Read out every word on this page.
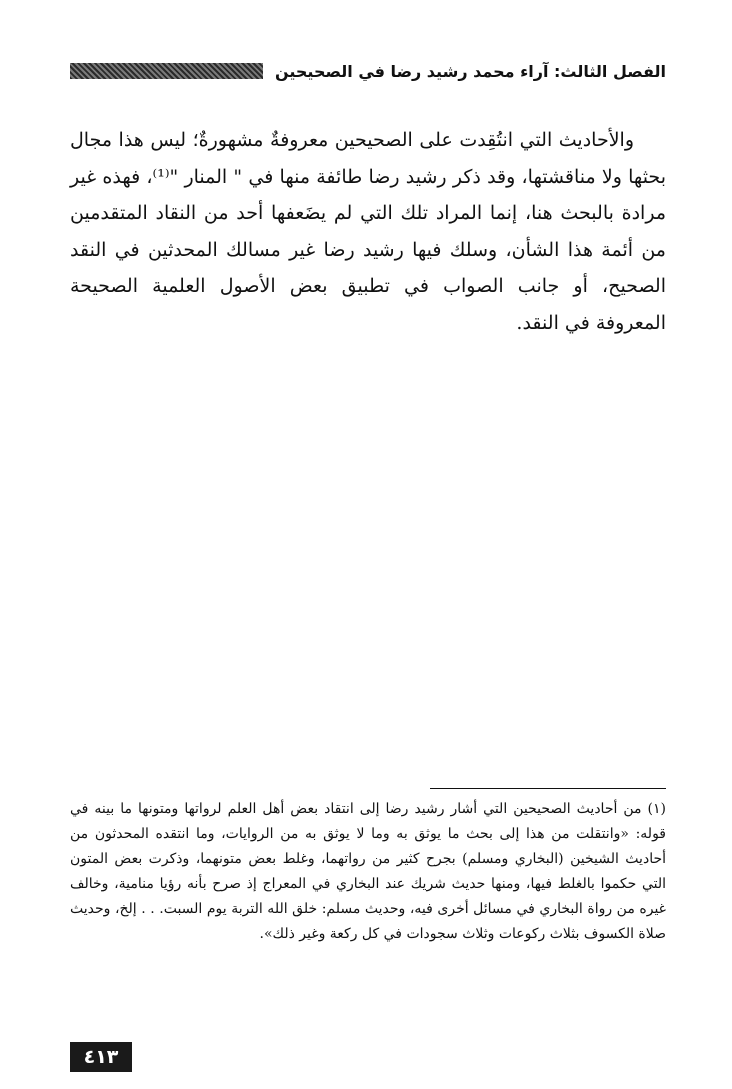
الفصل الثالث: آراء محمد رشيد رضا في الصحيحين

والأحاديث التي انتُقِدت على الصحيحين معروفةٌ مشهورةٌ؛ ليس هذا مجال بحثها ولا مناقشتها، وقد ذكر رشيد رضا طائفة منها في " المنار "⁽¹⁾، فهذه غير مرادة بالبحث هنا، إنما المراد تلك التي لم يضَعفها أحد من النقاد المتقدمين من أئمة هذا الشأن، وسلك فيها رشيد رضا غير مسالك المحدثين في النقد الصحيح، أو جانب الصواب في تطبيق بعض الأصول العلمية الصحيحة المعروفة في النقد.

(١) من أحاديث الصحيحين التي أشار رشيد رضا إلى انتقاد بعض أهل العلم لرواتها ومتونها ما بينه في قوله: «وانتقلت من هذا إلى بحث ما يوثق به وما لا يوثق به من الروايات، وما انتقده المحدثون من أحاديث الشيخين (البخاري ومسلم) بجرح كثير من رواتهما، وغلط بعض متونهما، وذكرت بعض المتون التي حكموا بالغلط فيها، ومنها حديث شريك عند البخاري في المعراج إذ صرح بأنه رؤيا منامية، وخالف غيره من رواة البخاري في مسائل أخرى فيه، وحديث مسلم: خلق الله التربة يوم السبت. . . إلخ، وحديث صلاة الكسوف بثلاث ركوعات وثلاث سجودات في كل ركعة وغير ذلك».

٤١٣
